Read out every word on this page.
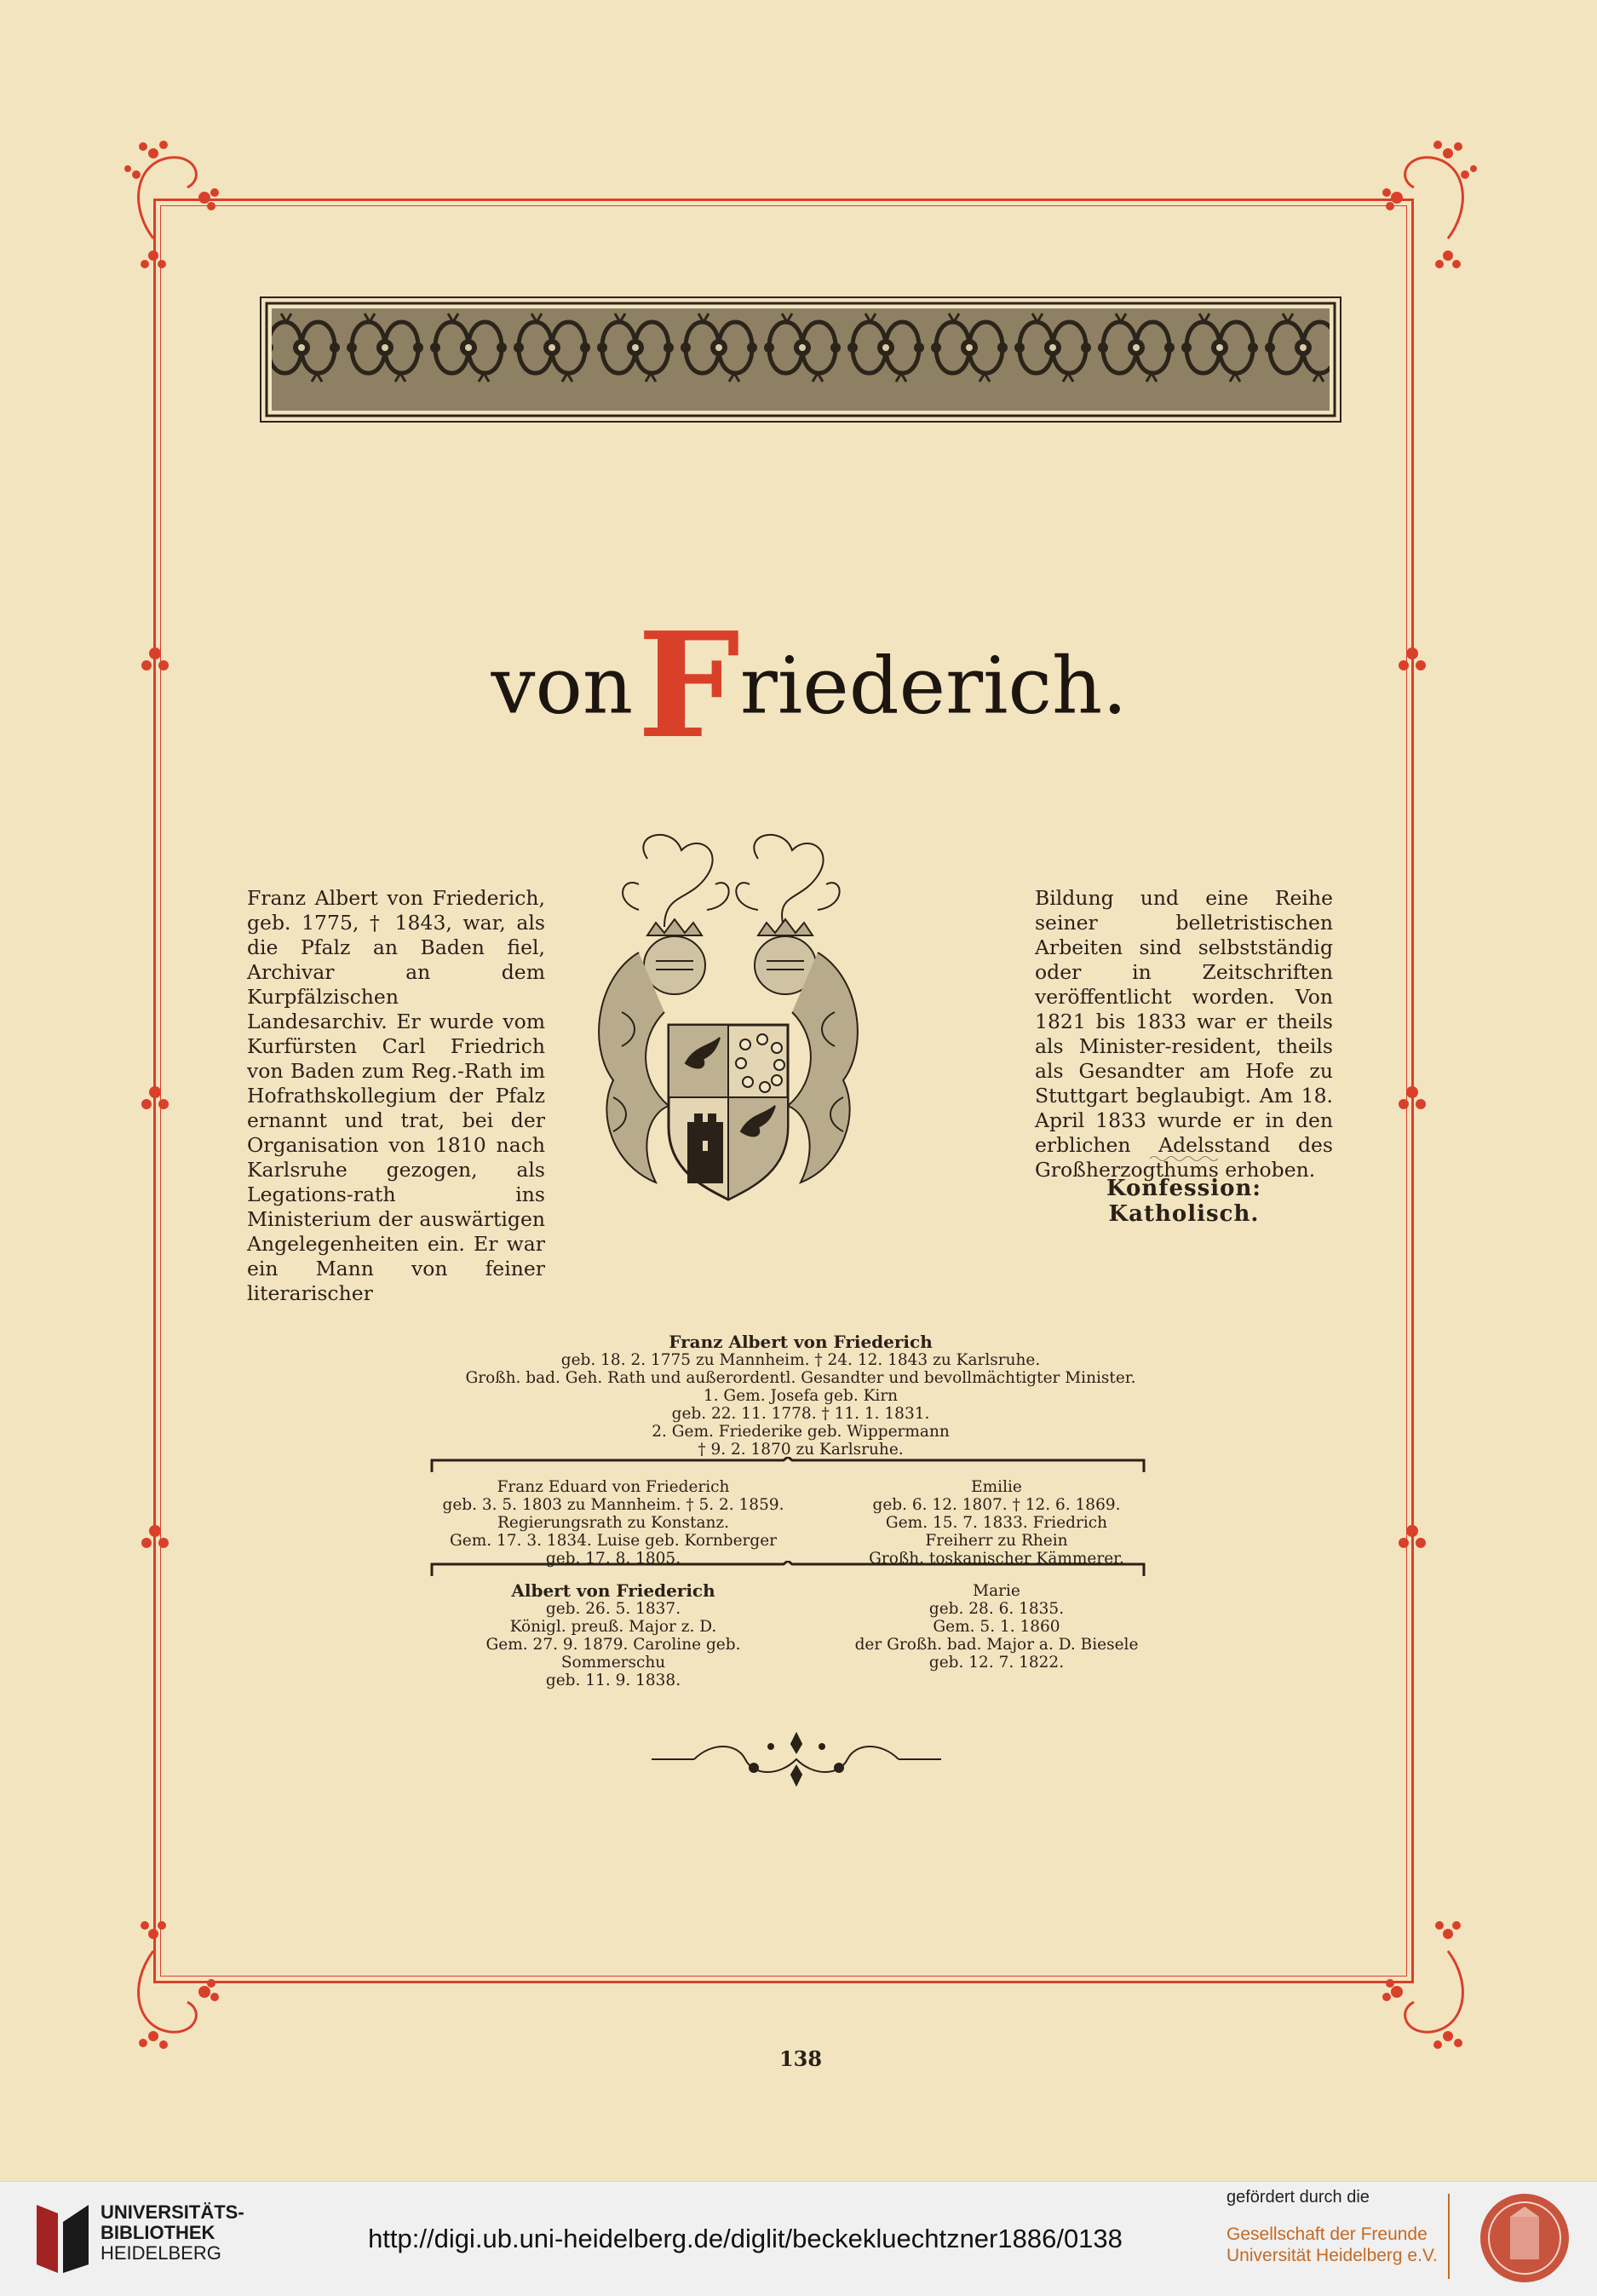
von Friederich.
Franz Albert von Friederich, geb. 1775, † 1843, war, als die Pfalz an Baden fiel, Archivar an dem Kurpfälzischen Landesarchiv. Er wurde vom Kurfürsten Carl Friedrich von Baden zum Reg.-Rath im Hofrathskollegium der Pfalz ernannt und trat, bei der Organisation von 1810 nach Karlsruhe gezogen, als Legations-rath ins Ministerium der auswärtigen Angelegenheiten ein. Er war ein Mann von feiner literarischer
Bildung und eine Reihe seiner belletristischen Arbeiten sind selbstständig oder in Zeitschriften veröffentlicht worden. Von 1821 bis 1833 war er theils als Minister-resident, theils als Gesandter am Hofe zu Stuttgart beglaubigt. Am 18. April 1833 wurde er in den erblichen Adelsstand des Großherzogthums erhoben.
Konfession: Katholisch.
Franz Albert von Friederich
geb. 18. 2. 1775 zu Mannheim. † 24. 12. 1843 zu Karlsruhe.
Großh. bad. Geh. Rath und außerordentl. Gesandter und bevollmächtigter Minister.
1. Gem. Josefa geb. Kirn
geb. 22. 11. 1778. † 11. 1. 1831.
2. Gem. Friederike geb. Wippermann
† 9. 2. 1870 zu Karlsruhe.
Franz Eduard von Friederich
geb. 3. 5. 1803 zu Mannheim. † 5. 2. 1859.
Regierungsrath zu Konstanz.
Gem. 17. 3. 1834. Luise geb. Kornberger
geb. 17. 8. 1805.
Emilie
geb. 6. 12. 1807. † 12. 6. 1869.
Gem. 15. 7. 1833. Friedrich
Freiherr zu Rhein
Großh. toskanischer Kämmerer.
Albert von Friederich
geb. 26. 5. 1837.
Königl. preuß. Major z. D.
Gem. 27. 9. 1879. Caroline geb. Sommerschu
geb. 11. 9. 1838.
Marie
geb. 28. 6. 1835.
Gem. 5. 1. 1860
der Großh. bad. Major a. D. Biesele
geb. 12. 7. 1822.
138
UNIVERSITÄTS-
BIBLIOTHEK
HEIDELBERG	http://digi.ub.uni-heidelberg.de/diglit/beckekluechtzner1886/0138
gefördert durch die
Gesellschaft der Freunde
Universität Heidelberg e.V.
